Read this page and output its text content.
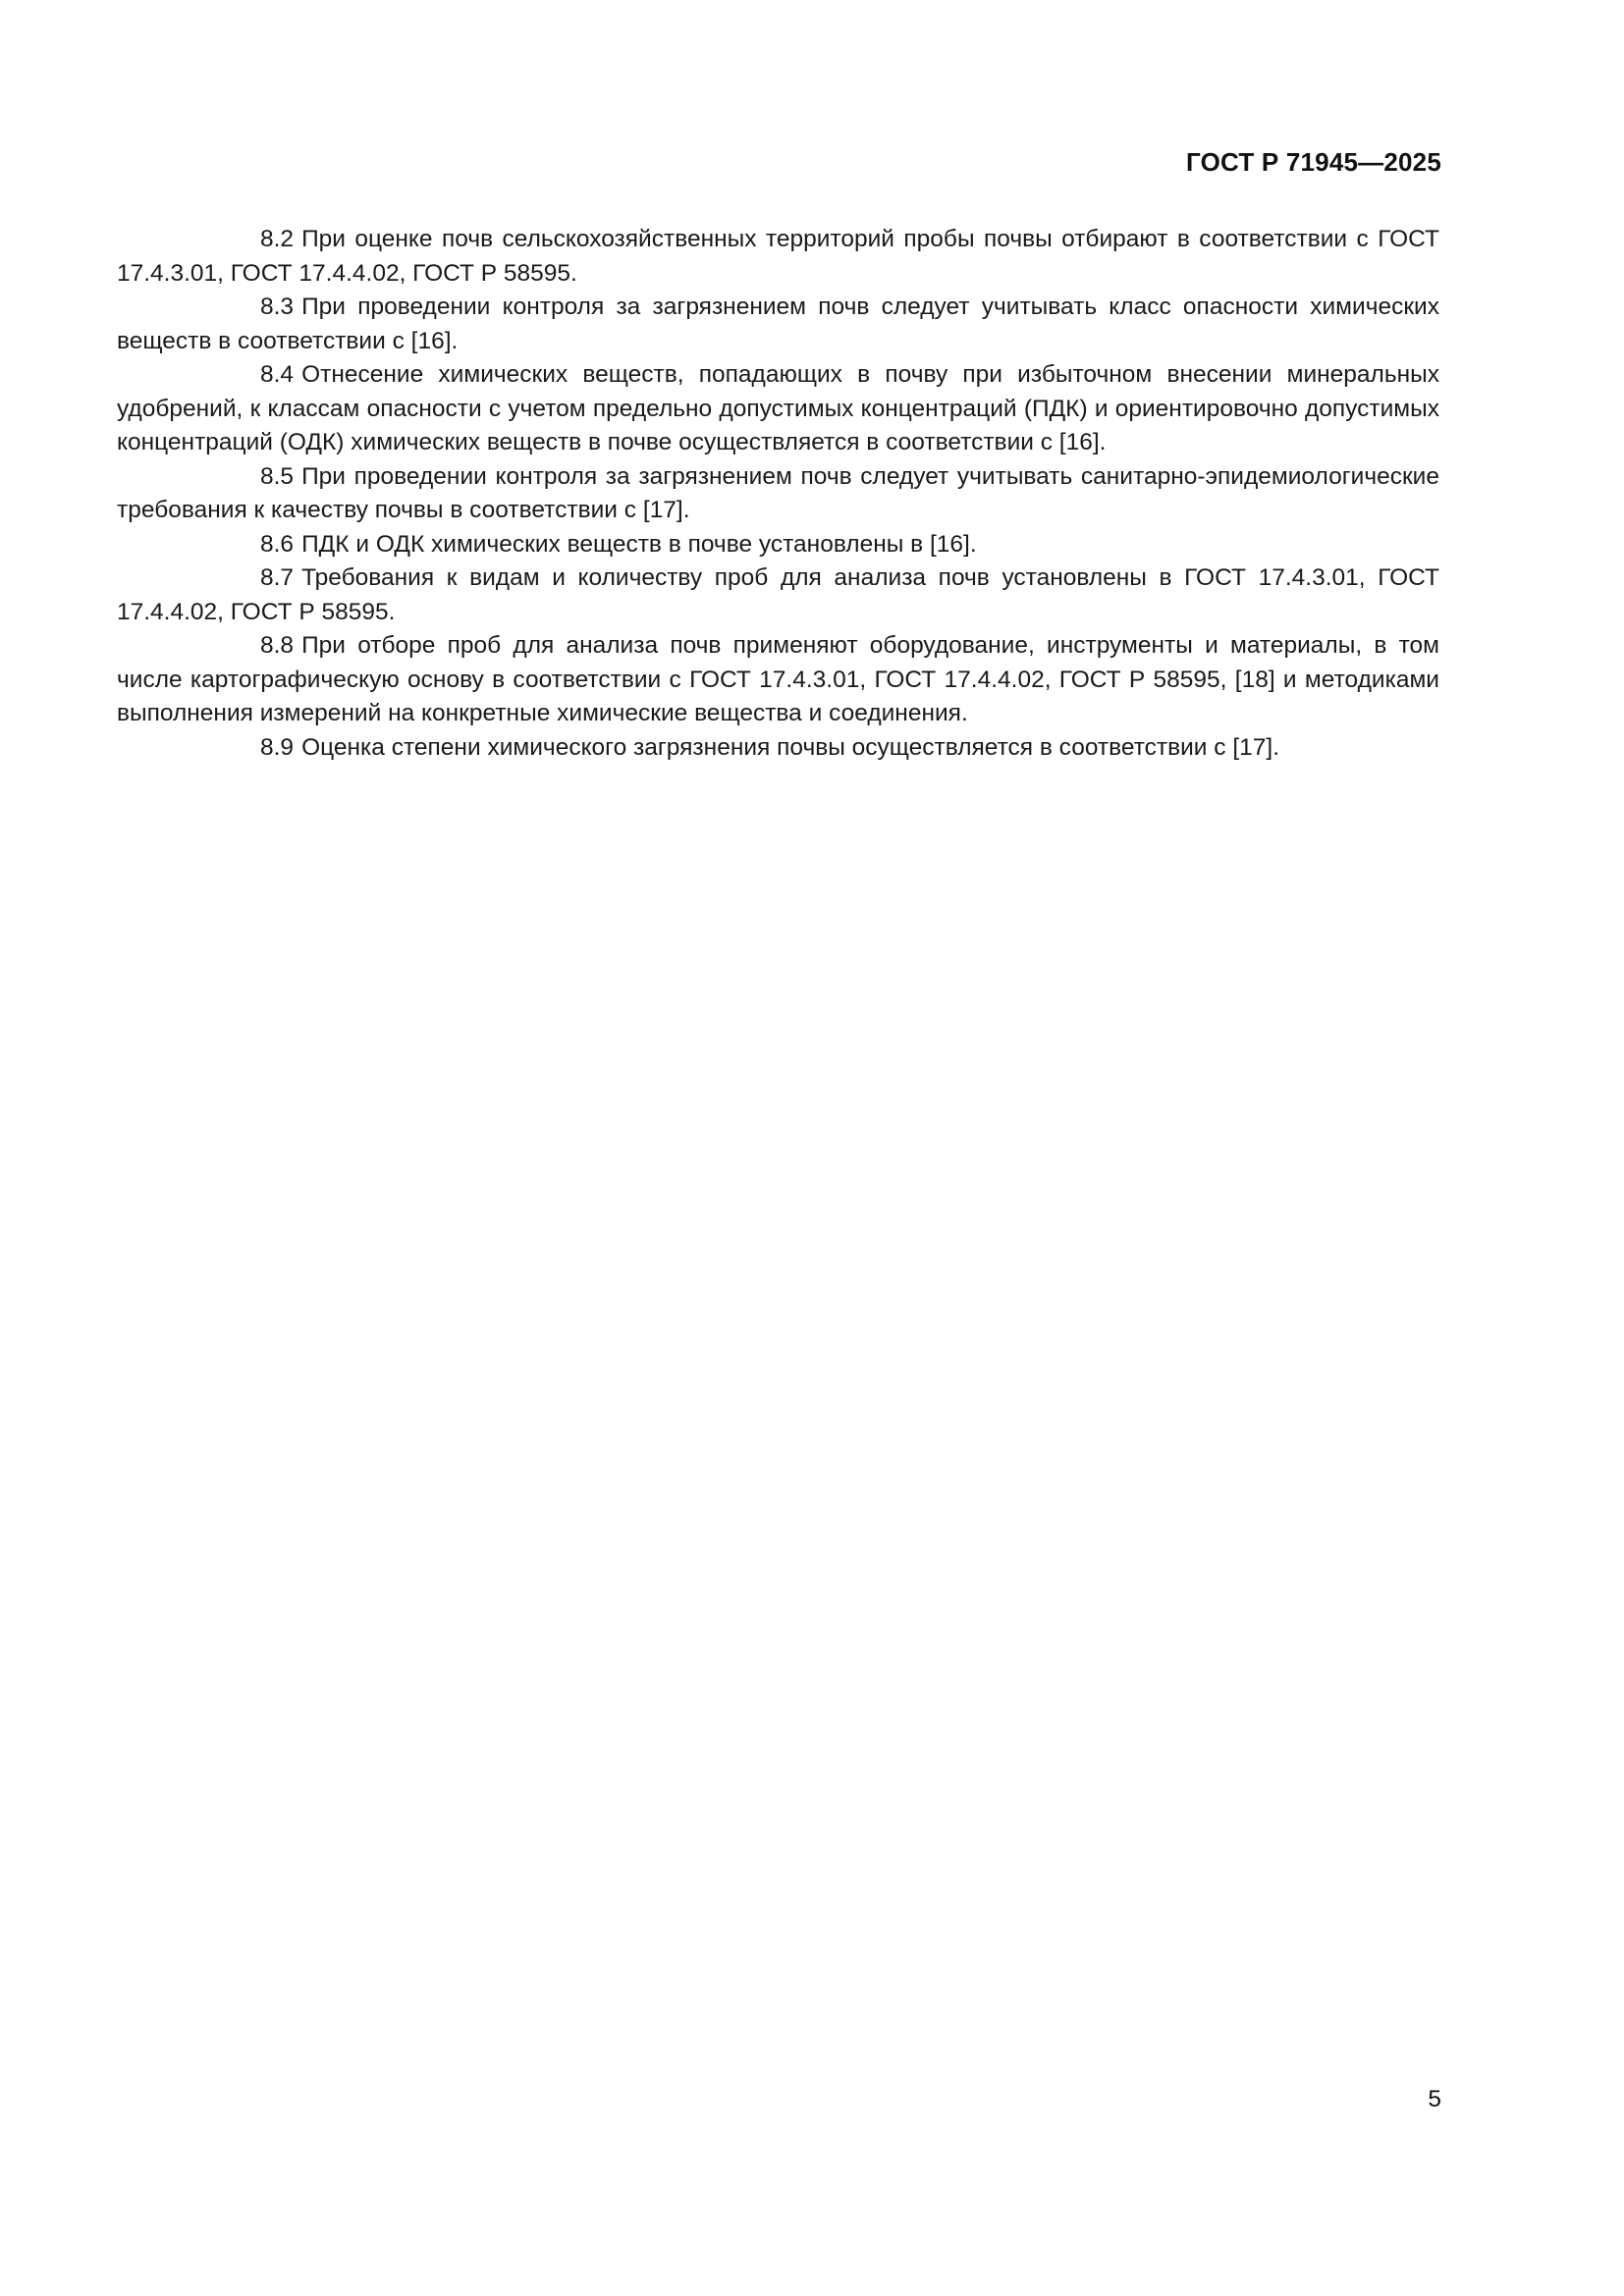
ГОСТ Р 71945—2025

8.2 При оценке почв сельскохозяйственных территорий пробы почвы отбирают в соответствии с ГОСТ 17.4.3.01, ГОСТ 17.4.4.02, ГОСТ Р 58595.

8.3 При проведении контроля за загрязнением почв следует учитывать класс опасности химических веществ в соответствии с [16].

8.4 Отнесение химических веществ, попадающих в почву при избыточном внесении минеральных удобрений, к классам опасности с учетом предельно допустимых концентраций (ПДК) и ориентировочно допустимых концентраций (ОДК) химических веществ в почве осуществляется в соответствии с [16].

8.5 При проведении контроля за загрязнением почв следует учитывать санитарно-эпидемиологические требования к качеству почвы в соответствии с [17].

8.6 ПДК и ОДК химических веществ в почве установлены в [16].

8.7 Требования к видам и количеству проб для анализа почв установлены в ГОСТ 17.4.3.01, ГОСТ 17.4.4.02, ГОСТ Р 58595.

8.8 При отборе проб для анализа почв применяют оборудование, инструменты и материалы, в том числе картографическую основу в соответствии с ГОСТ 17.4.3.01, ГОСТ 17.4.4.02, ГОСТ Р 58595, [18] и методиками выполнения измерений на конкретные химические вещества и соединения.

8.9 Оценка степени химического загрязнения почвы осуществляется в соответствии с [17].

5
